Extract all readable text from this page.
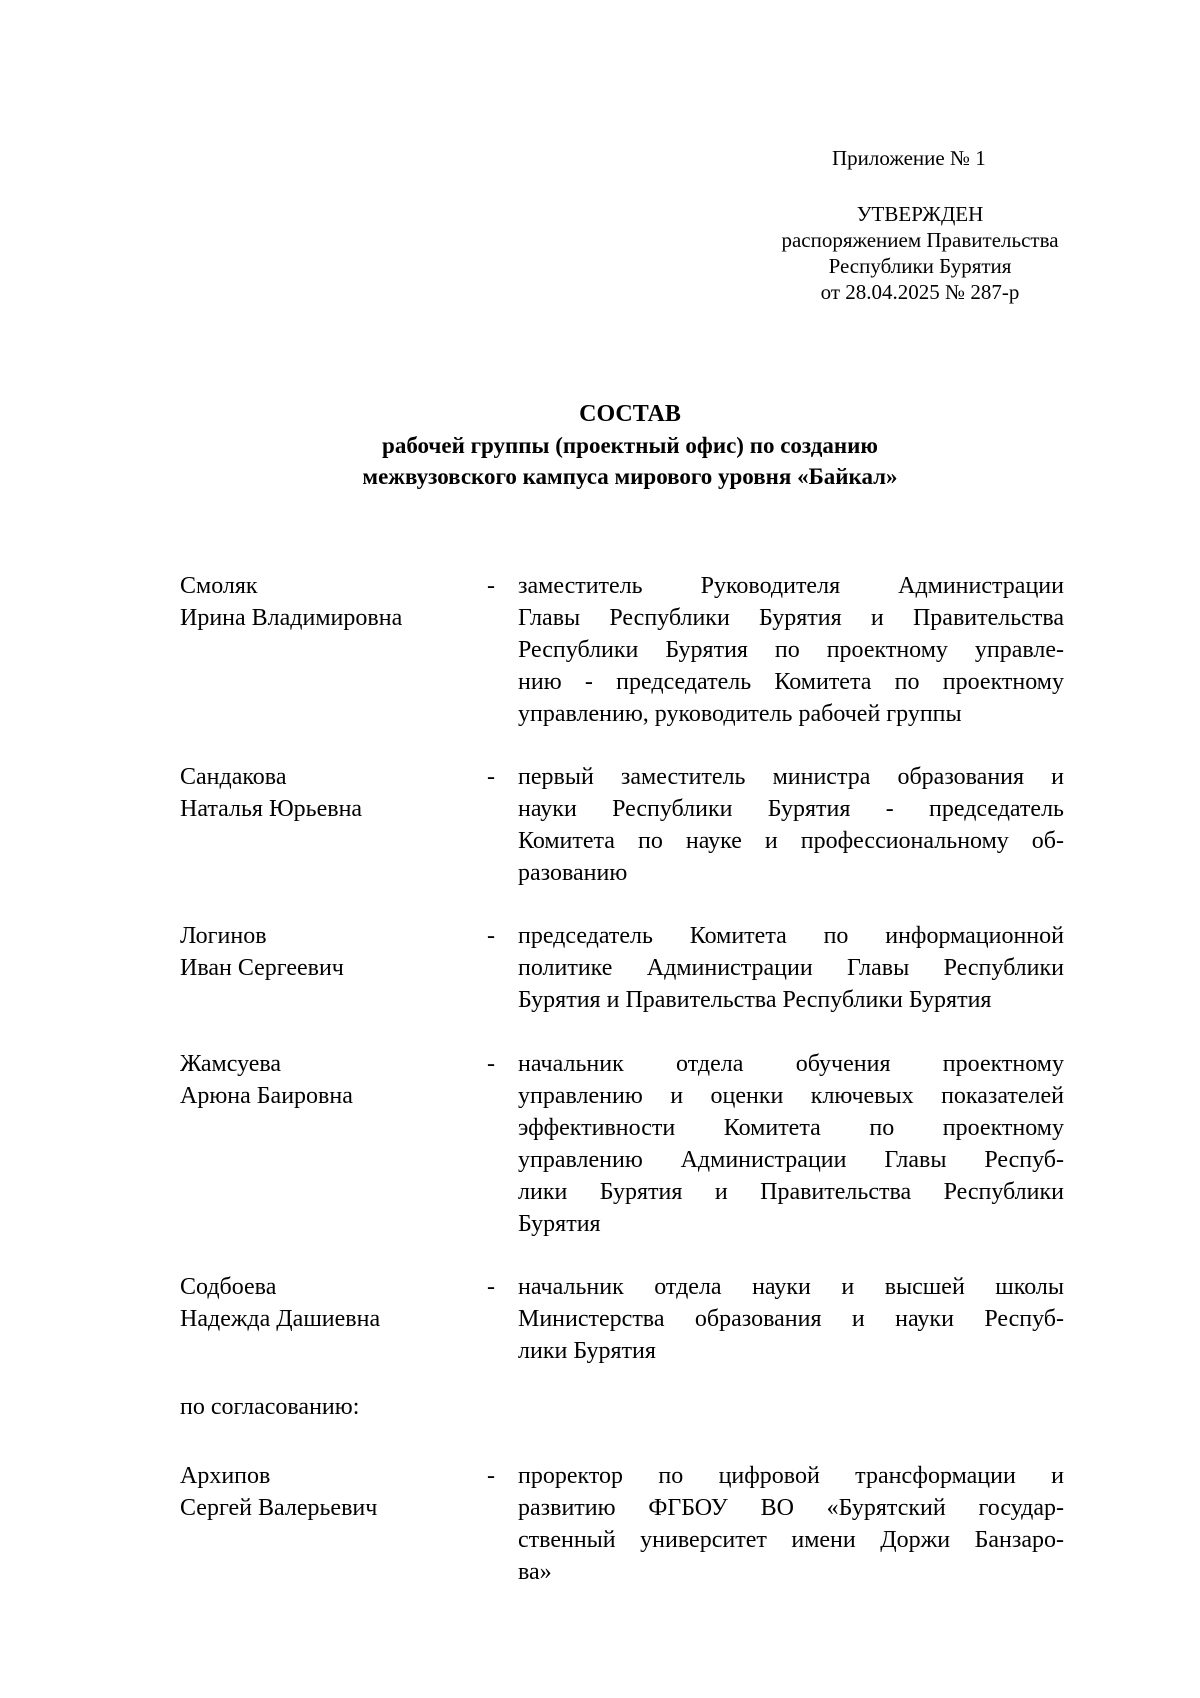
Приложение № 1
УТВЕРЖДЕН
распоряжением Правительства
Республики Бурятия
от 28.04.2025 № 287-р
СОСТАВ
рабочей группы (проектный офис) по созданию
межвузовского кампуса мирового уровня «Байкал»
Смоляк
Ирина Владимировна
- заместитель Руководителя Администрации
Главы Республики Бурятия и Правительства
Республики Бурятия по проектному управле-
нию - председатель Комитета по проектному
управлению, руководитель рабочей группы
Сандакова
Наталья Юрьевна
- первый заместитель министра образования и
науки Республики Бурятия - председатель
Комитета по науке и профессиональному об-
разованию
Логинов
Иван Сергеевич
- председатель Комитета по информационной
политике Администрации Главы Республики
Бурятия и Правительства Республики Бурятия
Жамсуева
Арюна Баировна
- начальник отдела обучения проектному
управлению и оценки ключевых показателей
эффективности Комитета по проектному
управлению Администрации Главы Респуб-
лики Бурятия и Правительства Республики
Бурятия
Содбоева
Надежда Дашиевна
- начальник отдела науки и высшей школы
Министерства образования и науки Респуб-
лики Бурятия
по согласованию:
Архипов
Сергей Валерьевич
- проректор по цифровой трансформации и
развитию ФГБОУ ВО «Бурятский государ-
ственный университет имени Доржи Банзаро-
ва»
